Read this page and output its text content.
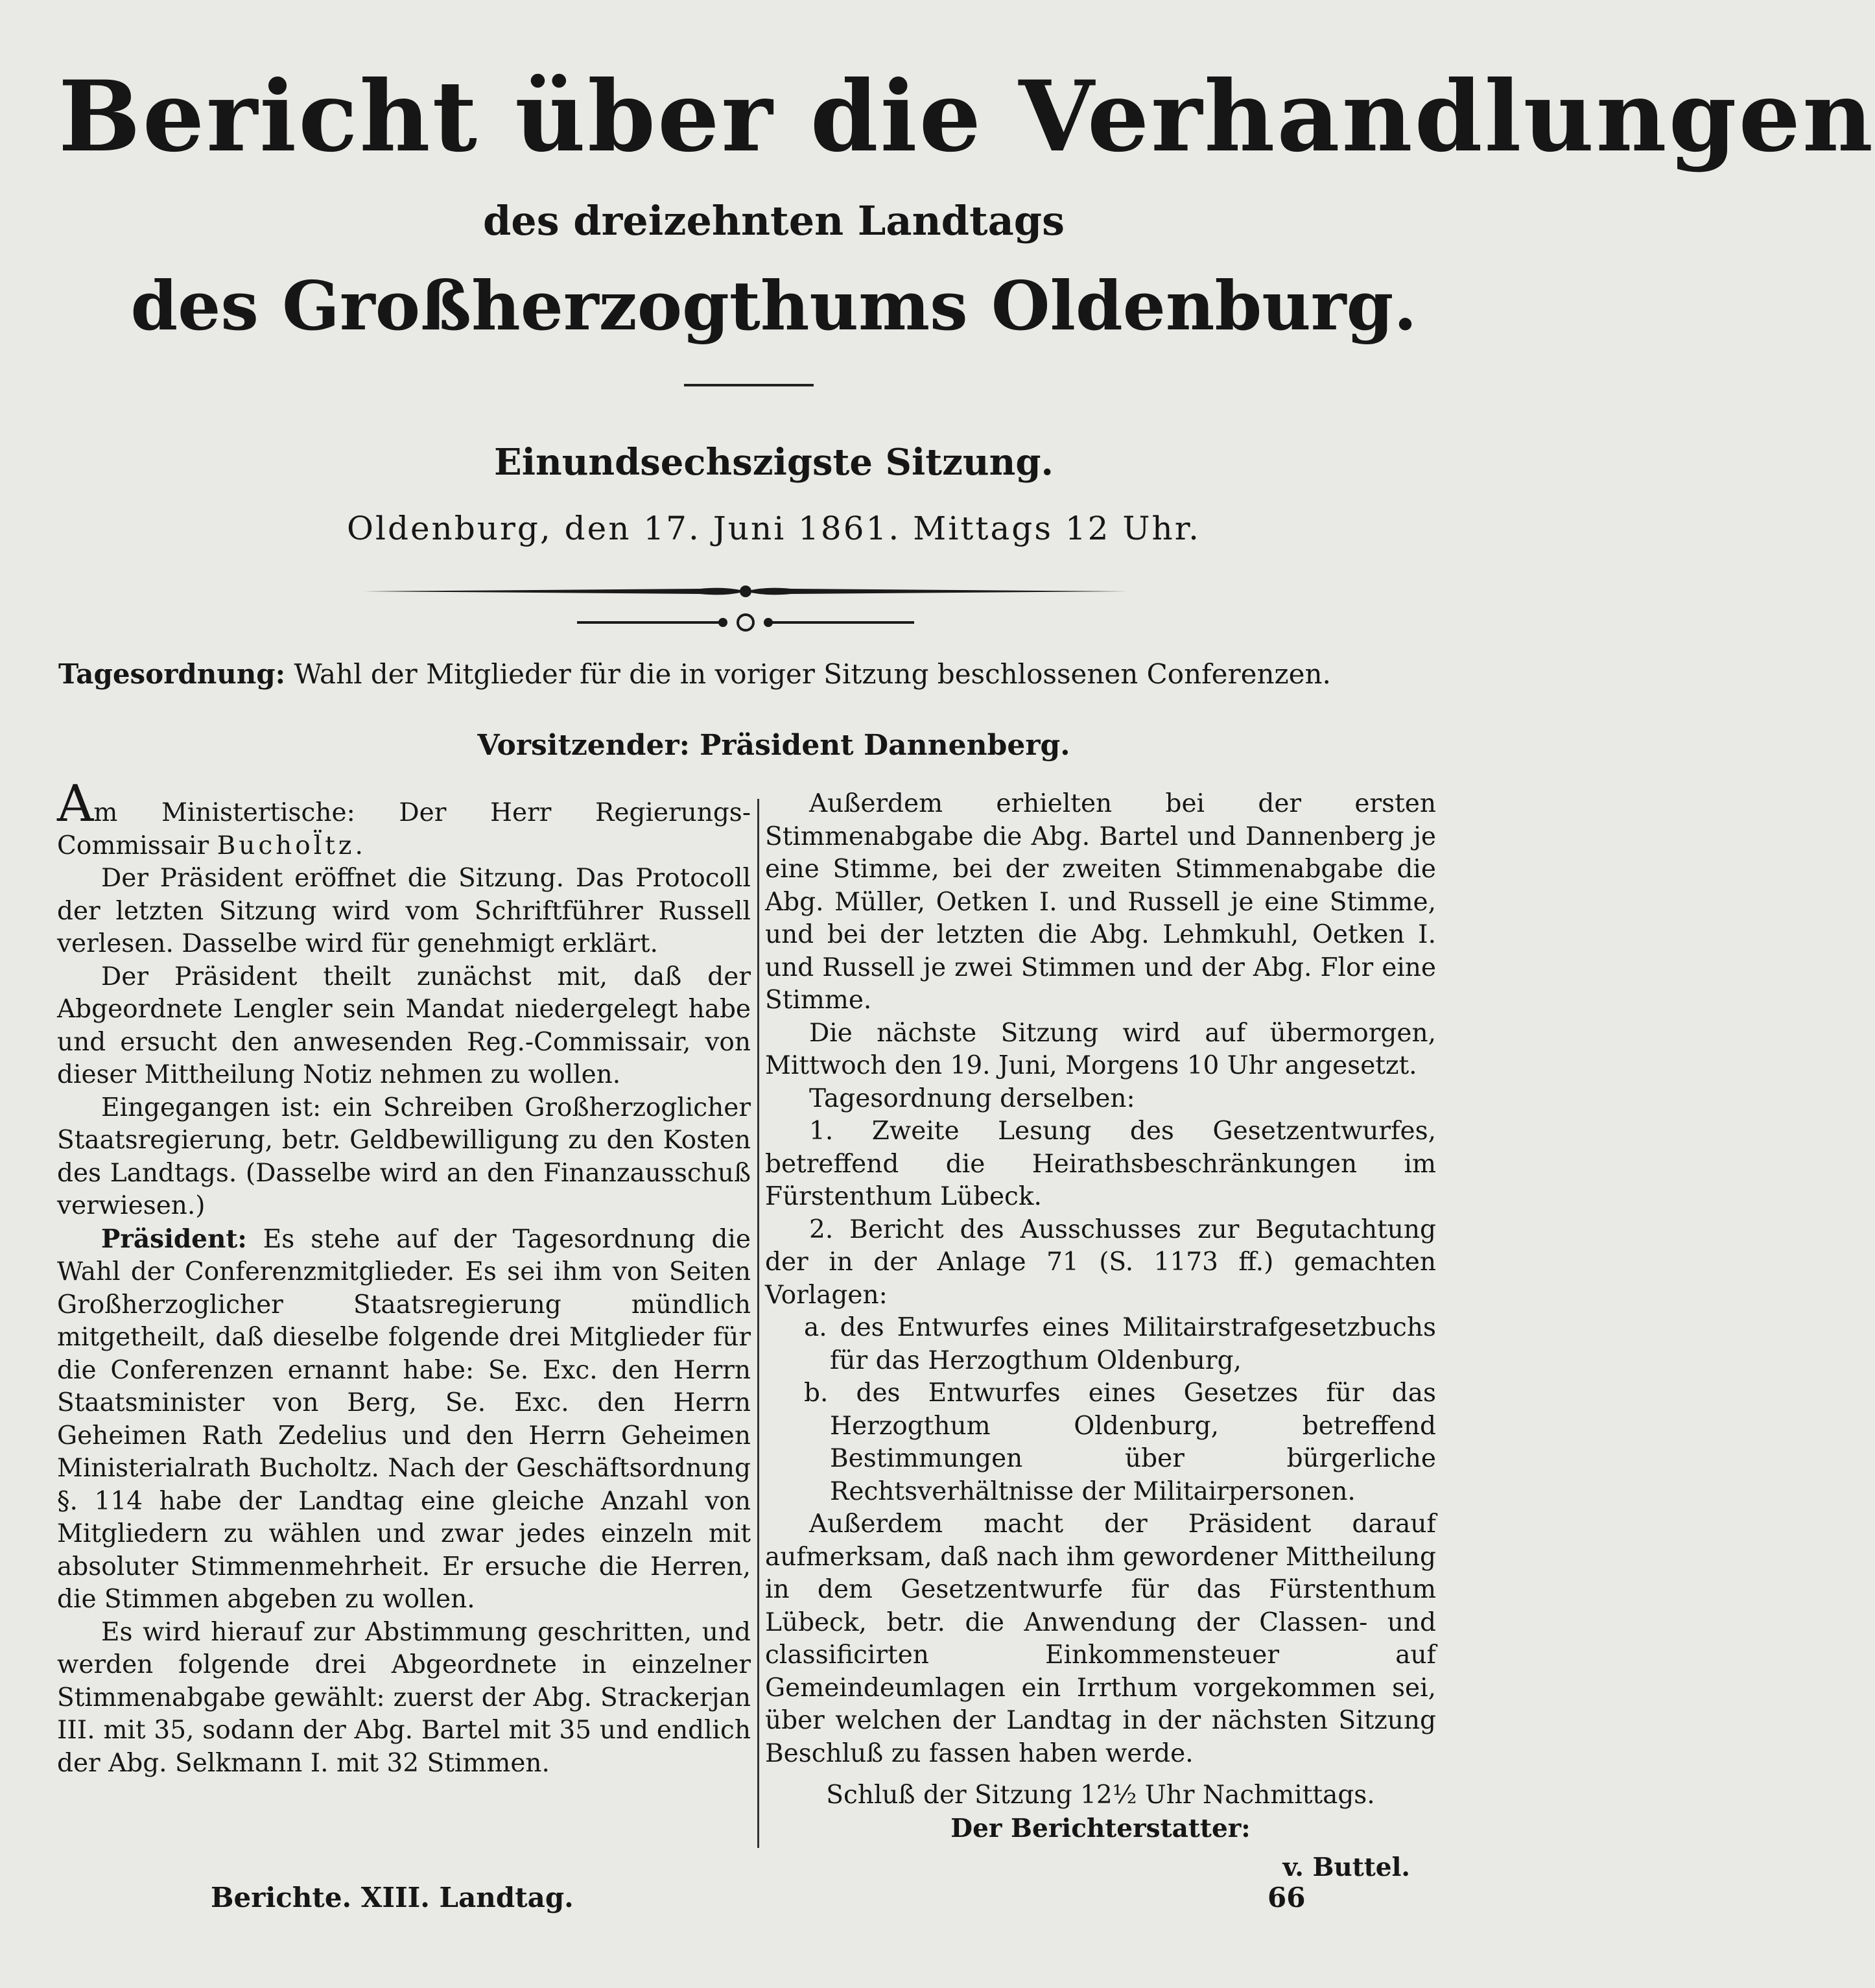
Bericht über die Verhandlungen
des dreizehnten Landtags
des Großherzogthums Oldenburg.
Einundsechszigste Sitzung.
Oldenburg, den 17. Juni 1861. Mittags 12 Uhr.
Tagesordnung: Wahl der Mitglieder für die in voriger Sitzung beschlossenen Conferenzen.
Vorsitzender: Präsident Dannenberg.

Am Ministertische: Der Herr Regierungs-Commissair Buchol̈tz.

Der Präsident eröffnet die Sitzung. Das Protocoll der letzten Sitzung wird vom Schriftführer Russell verlesen. Dasselbe wird für genehmigt erklärt.

Der Präsident theilt zunächst mit, daß der Abgeordnete Lengler sein Mandat niedergelegt habe und ersucht den anwesenden Reg.-Commissair, von dieser Mittheilung Notiz nehmen zu wollen.

Eingegangen ist: ein Schreiben Großherzoglicher Staatsregierung, betr. Geldbewilligung zu den Kosten des Landtags. (Dasselbe wird an den Finanzausschuß verwiesen.)

Präsident: Es stehe auf der Tagesordnung die Wahl der Conferenzmitglieder. Es sei ihm von Seiten Großherzoglicher Staatsregierung mündlich mitgetheilt, daß dieselbe folgende drei Mitglieder für die Conferenzen ernannt habe: Se. Exc. den Herrn Staatsminister von Berg, Se. Exc. den Herrn Geheimen Rath Zedelius und den Herrn Geheimen Ministerialrath Bucholtz. Nach der Geschäftsordnung §. 114 habe der Landtag eine gleiche Anzahl von Mitgliedern zu wählen und zwar jedes einzeln mit absoluter Stimmenmehrheit. Er ersuche die Herren, die Stimmen abgeben zu wollen.

Es wird hierauf zur Abstimmung geschritten, und werden folgende drei Abgeordnete in einzelner Stimmenabgabe gewählt: zuerst der Abg. Strackerjan III. mit 35, sodann der Abg. Bartel mit 35 und endlich der Abg. Selkmann I. mit 32 Stimmen.

Außerdem erhielten bei der ersten Stimmenabgabe die Abg. Bartel und Dannenberg je eine Stimme, bei der zweiten Stimmenabgabe die Abg. Müller, Oetken I. und Russell je eine Stimme, und bei der letzten die Abg. Lehmkuhl, Oetken I. und Russell je zwei Stimmen und der Abg. Flor eine Stimme.

Die nächste Sitzung wird auf übermorgen, Mittwoch den 19. Juni, Morgens 10 Uhr angesetzt.

Tagesordnung derselben:

1. Zweite Lesung des Gesetzentwurfes, betreffend die Heirathsbeschränkungen im Fürstenthum Lübeck.

2. Bericht des Ausschusses zur Begutachtung der in der Anlage 71 (S. 1173 ff.) gemachten Vorlagen:

a. des Entwurfes eines Militairstrafgesetzbuchs für das Herzogthum Oldenburg,

b. des Entwurfes eines Gesetzes für das Herzogthum Oldenburg, betreffend Bestimmungen über bürgerliche Rechtsverhältnisse der Militairpersonen.

Außerdem macht der Präsident darauf aufmerksam, daß nach ihm gewordener Mittheilung in dem Gesetzentwurfe für das Fürstenthum Lübeck, betr. die Anwendung der Classen- und classificirten Einkommensteuer auf Gemeindeumlagen ein Irrthum vorgekommen sei, über welchen der Landtag in der nächsten Sitzung Beschluß zu fassen haben werde.

Schluß der Sitzung 12½ Uhr Nachmittags.

Der Berichterstatter:

v. Buttel.

Berichte. XIII. Landtag.	66
